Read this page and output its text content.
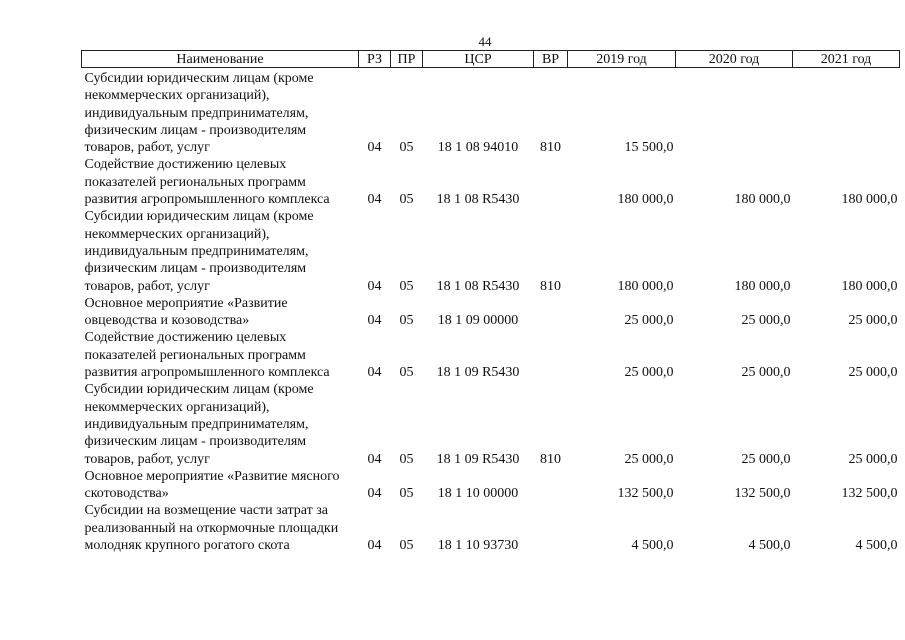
44
Наименование	РЗ	ПР	ЦСР	ВР	2019 год	2020 год	2021 год
Субсидии юридическим лицам (кроме некоммерческих организаций), индивидуальным предпринимателям, физическим лицам - производителям товаров, работ, услуг	04	05	18 1 08 94010	810	15 500,0		
Содействие достижению целевых показателей региональных программ развития агропромышленного комплекса	04	05	18 1 08 R5430		180 000,0	180 000,0	180 000,0
Субсидии юридическим лицам (кроме некоммерческих организаций), индивидуальным предпринимателям, физическим лицам - производителям товаров, работ, услуг	04	05	18 1 08 R5430	810	180 000,0	180 000,0	180 000,0
Основное мероприятие «Развитие овцеводства и козоводства»	04	05	18 1 09 00000		25 000,0	25 000,0	25 000,0
Содействие достижению целевых показателей региональных программ развития агропромышленного комплекса	04	05	18 1 09 R5430		25 000,0	25 000,0	25 000,0
Субсидии юридическим лицам (кроме некоммерческих организаций), индивидуальным предпринимателям, физическим лицам - производителям товаров, работ, услуг	04	05	18 1 09 R5430	810	25 000,0	25 000,0	25 000,0
Основное мероприятие «Развитие мясного скотоводства»	04	05	18 1 10 00000		132 500,0	132 500,0	132 500,0
Субсидии на возмещение части затрат за реализованный на откормочные площадки молодняк крупного рогатого скота	04	05	18 1 10 93730		4 500,0	4 500,0	4 500,0
